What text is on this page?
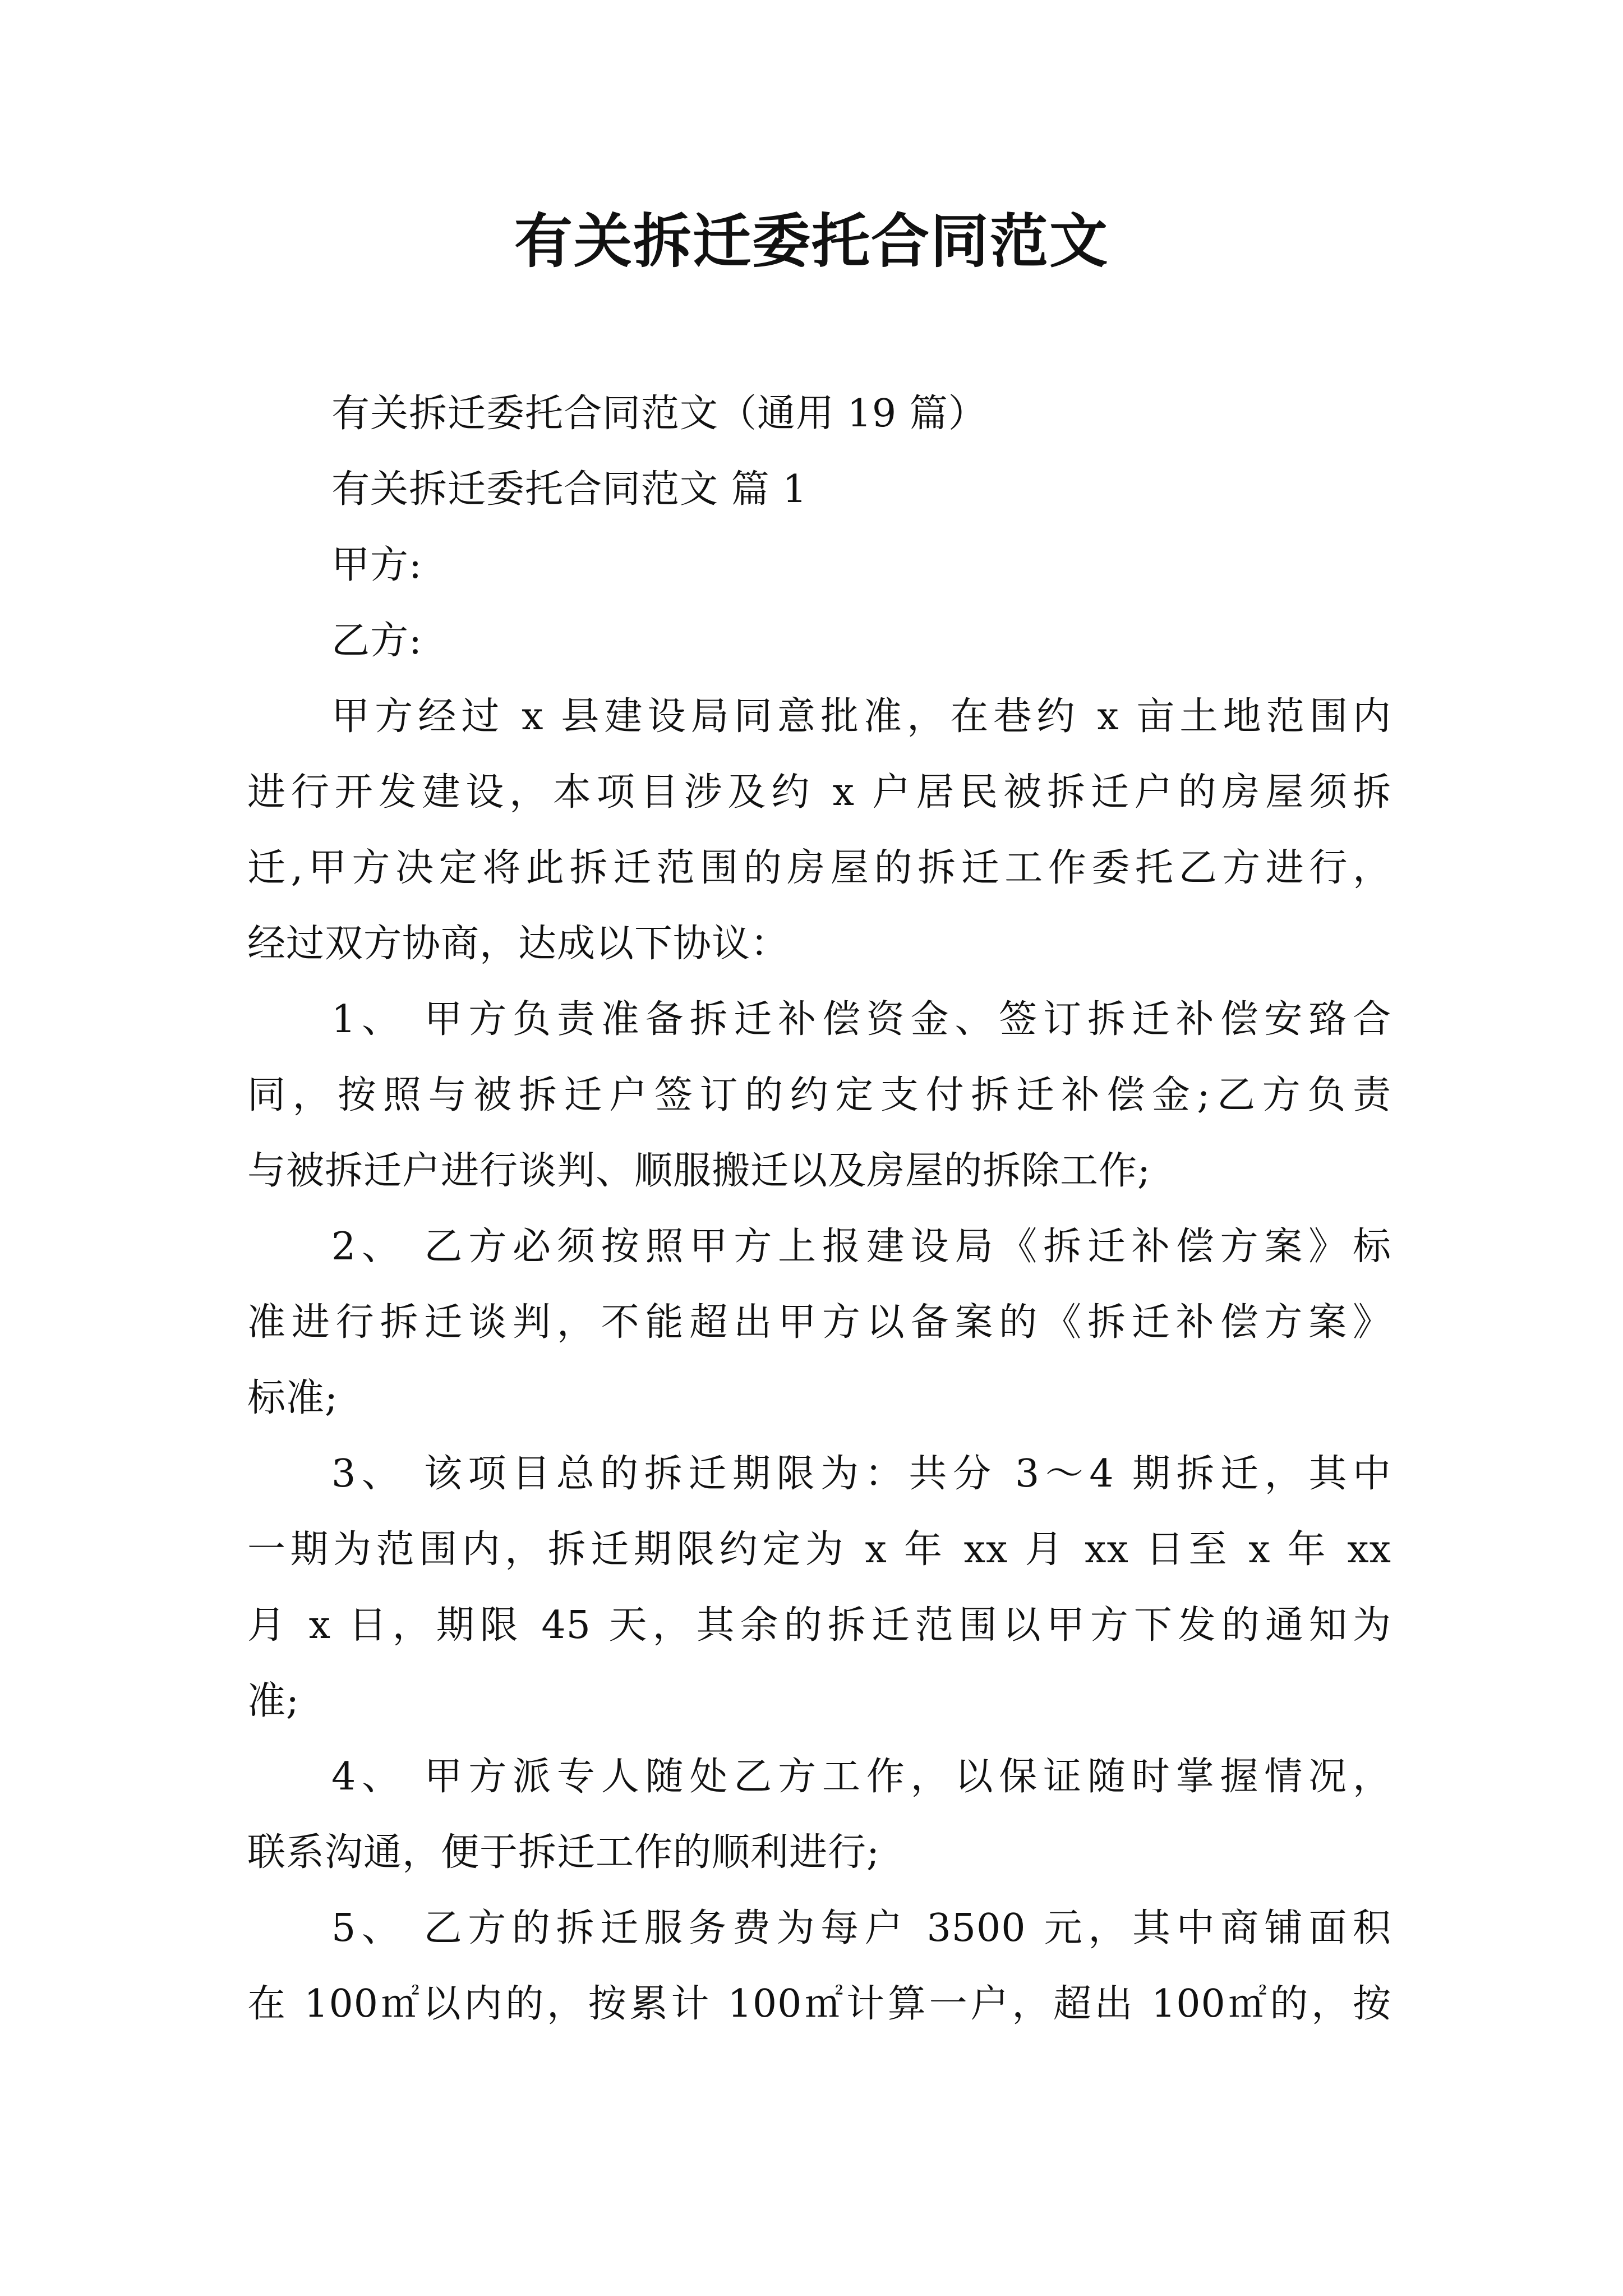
有关拆迁委托合同范文
有关拆迁委托合同范文（通用 19 篇）
有关拆迁委托合同范文 篇 1
甲方:
乙方:
甲方经过 x 县建设局同意批准，在巷约 x 亩土地范围内
进行开发建设，本项目涉及约 x 户居民被拆迁户的房屋须拆
迁,甲方决定将此拆迁范围的房屋的拆迁工作委托乙方进行，
经过双方协商，达成以下协议：
1、 甲方负责准备拆迁补偿资金、签订拆迁补偿安臵合
同，按照与被拆迁户签订的约定支付拆迁补偿金;乙方负责
与被拆迁户进行谈判、顺服搬迁以及房屋的拆除工作;
2、 乙方必须按照甲方上报建设局《拆迁补偿方案》标
准进行拆迁谈判，不能超出甲方以备案的《拆迁补偿方案》
标准;
3、 该项目总的拆迁期限为：共分 3～4 期拆迁，其中
一期为范围内，拆迁期限约定为 x 年 xx 月 xx 日至 x 年 xx
月 x 日，期限 45 天，其余的拆迁范围以甲方下发的通知为
准;
4、 甲方派专人随处乙方工作，以保证随时掌握情况，
联系沟通，便于拆迁工作的顺利进行;
5、 乙方的拆迁服务费为每户 3500 元，其中商铺面积
在 100㎡以内的，按累计 100㎡计算一户，超出 100㎡的，按
